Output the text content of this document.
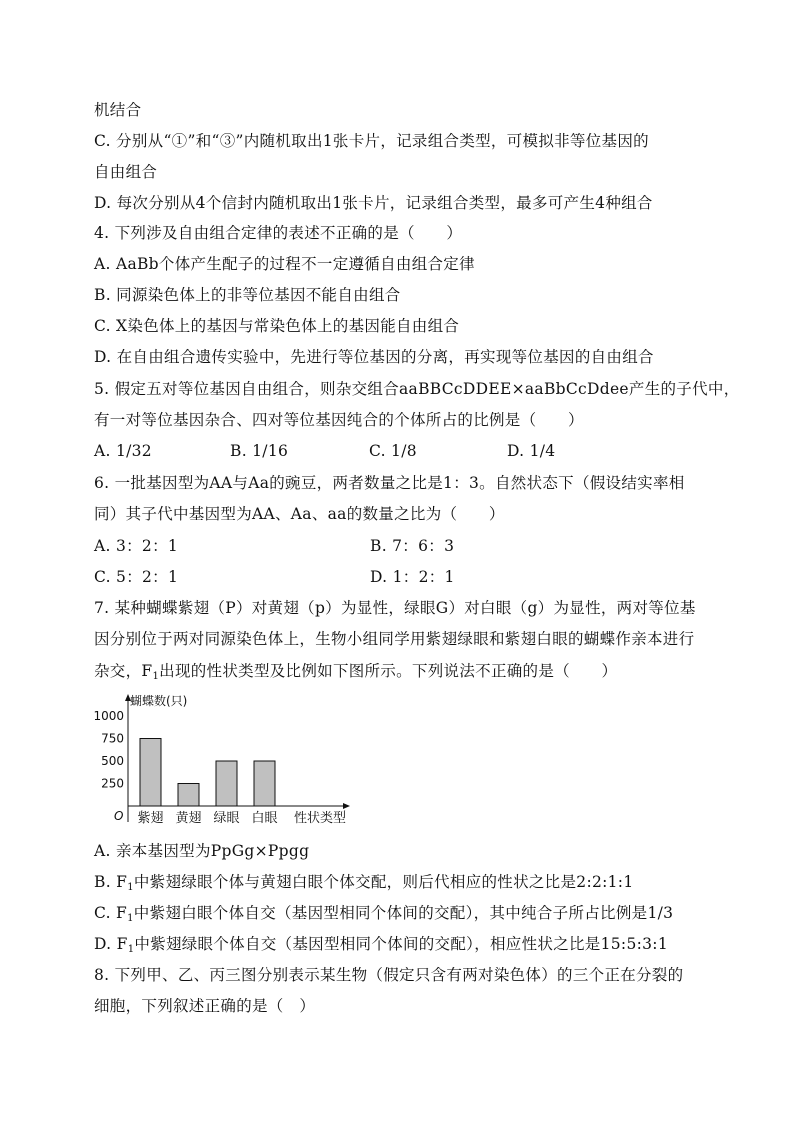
机结合
C. 分别从“①”和“③”内随机取出1张卡片，记录组合类型，可模拟非等位基因的
自由组合
D. 每次分别从4个信封内随机取出1张卡片，记录组合类型，最多可产生4种组合
4. 下列涉及自由组合定律的表述不正确的是（　　）
A. AaBb个体产生配子的过程不一定遵循自由组合定律
B. 同源染色体上的非等位基因不能自由组合
C. X染色体上的基因与常染色体上的基因能自由组合
D. 在自由组合遗传实验中，先进行等位基因的分离，再实现等位基因的自由组合
5. 假定五对等位基因自由组合，则杂交组合aaBBCcDDEE×aaBbCcDdee产生的子代中，
有一对等位基因杂合、四对等位基因纯合的个体所占的比例是（　　）
A. 1/32	B. 1/16	C. 1/8	D. 1/4
6. 一批基因型为AA与Aa的豌豆，两者数量之比是1：3。自然状态下（假设结实率相
同）其子代中基因型为AA、Aa、aa的数量之比为（　　）
A. 3：2：1	B. 7：6：3
C. 5：2：1	D. 1：2：1
7. 某种蝴蝶紫翅（P）对黄翅（p）为显性，绿眼G）对白眼（g）为显性，两对等位基
因分别位于两对同源染色体上，生物小组同学用紫翅绿眼和紫翅白眼的蝴蝶作亲本进行
杂交，$F_1$出现的性状类型及比例如下图所示。下列说法不正确的是（　　）
蝴蝶数(只)
O	性状类型
1000
750
500
250
紫翅 黄翅 绿眼 白眼
A. 亲本基因型为PpGg×Ppgg
B. $F_1$中紫翅绿眼个体与黄翅白眼个体交配，则后代相应的性状之比是2:2:1:1
C. $F_1$中紫翅白眼个体自交（基因型相同个体间的交配），其中纯合子所占比例是1/3
D. $F_1$中紫翅绿眼个体自交（基因型相同个体间的交配），相应性状之比是15:5:3:1
8. 下列甲、乙、丙三图分别表示某生物（假定只含有两对染色体）的三个正在分裂的
细胞，下列叙述正确的是（　）
